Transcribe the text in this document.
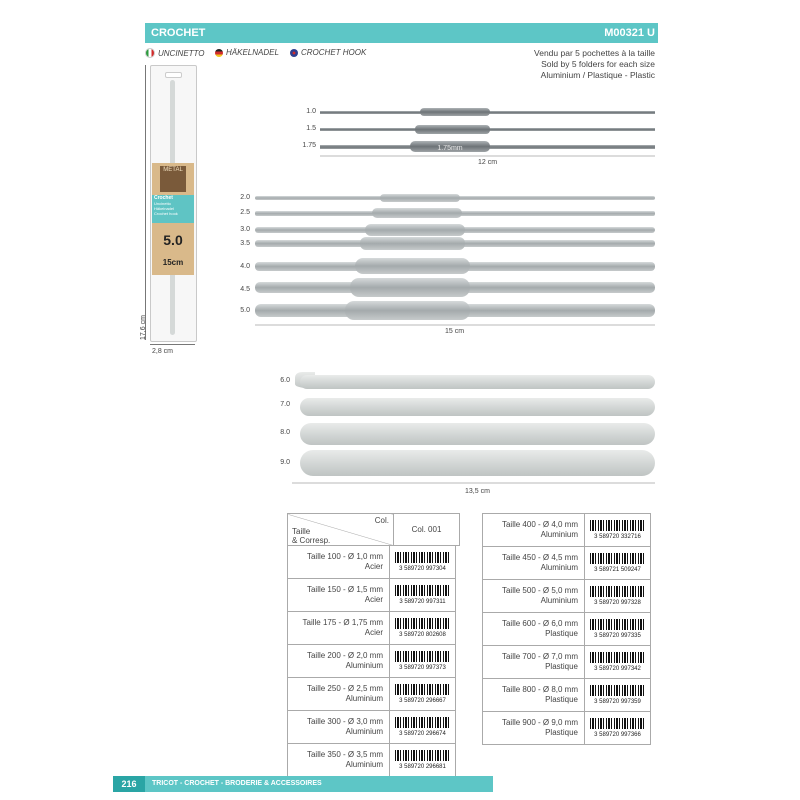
CROCHET	M00321 U
UNCINETTO	HÄKELNADEL	CROCHET HOOK	Vendu par 5 pochettes à la taille
Sold by 5 folders for each size
Aluminium / Plastique - Plastic
METAL
Crochet
Uncinetto
Häkelnadel
Crochet hook
5.0
15cm
17,6 cm
2,8 cm
1.75mm
1.0
1.5
1.75
12 cm
2.0
2.5
3.0
3.5
4.0
4.5
5.0
15 cm
6.0
7.0
8.0
9.0
13,5 cm
Col.
Taille
& Corresp.
	Col. 001
Taille 100 - Ø 1,0 mm
Acier	3 589720 997304

Taille 150 - Ø 1,5 mm
Acier	3 589720 997311

Taille 175 - Ø 1,75 mm
Acier	3 589720 802608

Taille 200 - Ø 2,0 mm
Aluminium	3 589720 997373

Taille 250 - Ø 2,5 mm
Aluminium	3 589720 296667

Taille 300 - Ø 3,0 mm
Aluminium	3 589720 296674

Taille 350 - Ø 3,5 mm
Aluminium	3 589720 296681
Taille 400 - Ø 4,0 mm
Aluminium	3 589720 332716

Taille 450 - Ø 4,5 mm
Aluminium	3 589721 509247

Taille 500 - Ø 5,0 mm
Aluminium	3 589720 997328

Taille 600 - Ø 6,0 mm
Plastique	3 589720 997335

Taille 700 - Ø 7,0 mm
Plastique	3 589720 997342

Taille 800 - Ø 8,0 mm
Plastique	3 589720 997359

Taille 900 - Ø 9,0 mm
Plastique	3 589720 997366
216	TRICOT - CROCHET - BRODERIE & ACCESSOIRES
